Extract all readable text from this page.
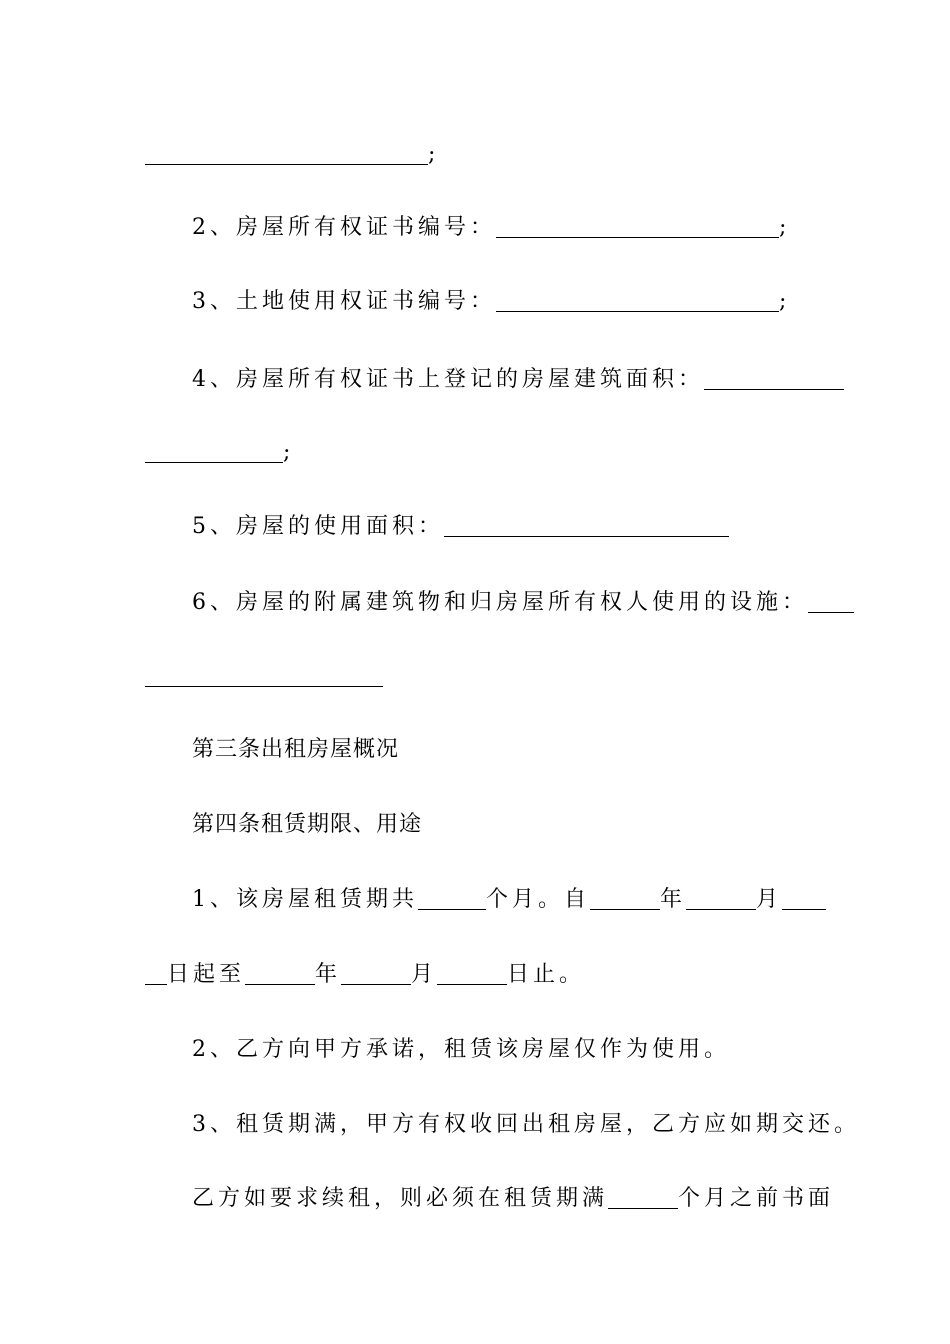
;
2、房屋所有权证书编号：	;
3、土地使用权证书编号：	;
4、房屋所有权证书上登记的房屋建筑面积：
;
5、房屋的使用面积：
6、房屋的附属建筑物和归房屋所有权人使用的设施：
第三条出租房屋概况
第四条租赁期限、用途
1、该房屋租赁期共	个月。自	年	月
日起至	年	月	日止。
2、乙方向甲方承诺，租赁该房屋仅作为使用。
3、租赁期满，甲方有权收回出租房屋，乙方应如期交还。
乙方如要求续租，则必须在租赁期满	个月之前书面
